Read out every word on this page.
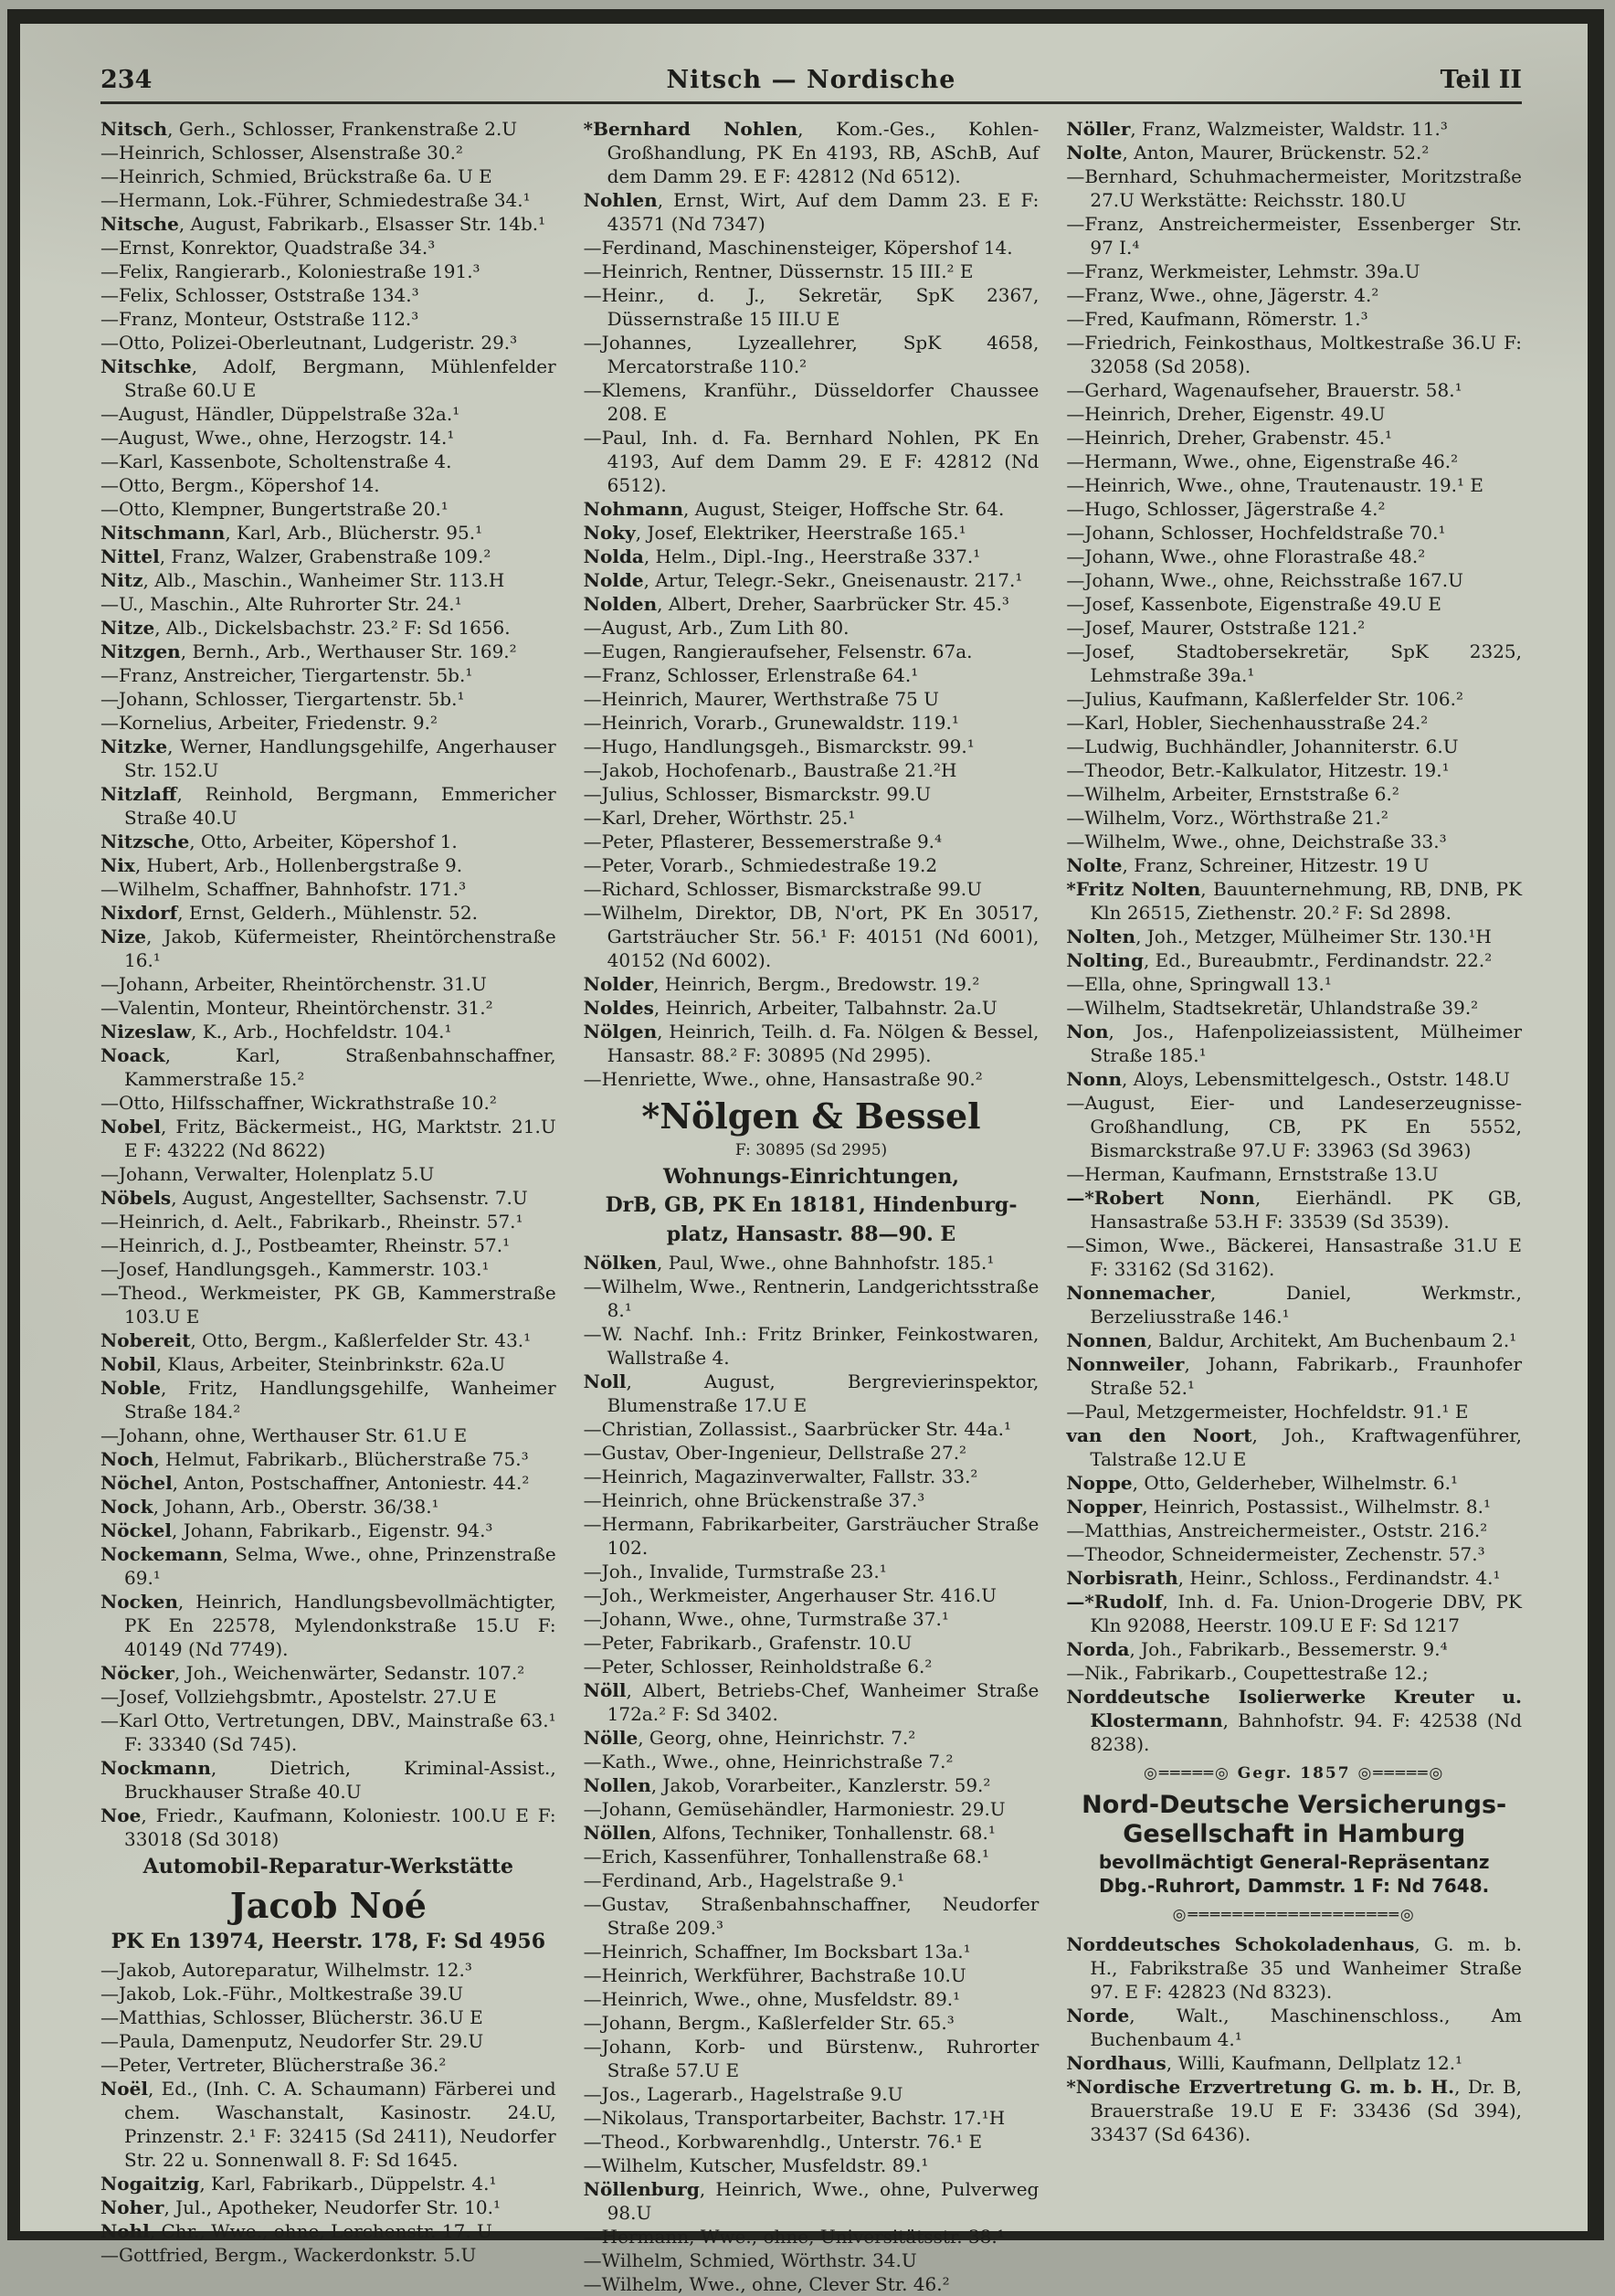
234	Nitsch — Nordische	Teil II

Nitsch, Gerh., Schlosser, Frankenstraße 2.U

—Heinrich, Schlosser, Alsenstraße 30.²

—Heinrich, Schmied, Brückstraße 6a. U E

—Hermann, Lok.-Führer, Schmiedestraße 34.¹

Nitsche, August, Fabrikarb., Elsasser Str. 14b.¹

—Ernst, Konrektor, Quadstraße 34.³

—Felix, Rangierarb., Koloniestraße 191.³

—Felix, Schlosser, Oststraße 134.³

—Franz, Monteur, Oststraße 112.³

—Otto, Polizei-Oberleutnant, Ludgeristr. 29.³

Nitschke, Adolf, Bergmann, Mühlenfelder Straße 60.U E

—August, Händler, Düppelstraße 32a.¹

—August, Wwe., ohne, Herzogstr. 14.¹

—Karl, Kassenbote, Scholtenstraße 4.

—Otto, Bergm., Köpershof 14.

—Otto, Klempner, Bungertstraße 20.¹

Nitschmann, Karl, Arb., Blücherstr. 95.¹

Nittel, Franz, Walzer, Grabenstraße 109.²

Nitz, Alb., Maschin., Wanheimer Str. 113.H

—U., Maschin., Alte Ruhrorter Str. 24.¹

Nitze, Alb., Dickelsbachstr. 23.² F: Sd 1656.

Nitzgen, Bernh., Arb., Werthauser Str. 169.²

—Franz, Anstreicher, Tiergartenstr. 5b.¹

—Johann, Schlosser, Tiergartenstr. 5b.¹

—Kornelius, Arbeiter, Friedenstr. 9.²

Nitzke, Werner, Handlungsgehilfe, Angerhauser Str. 152.U

Nitzlaff, Reinhold, Bergmann, Emmericher Straße 40.U

Nitzsche, Otto, Arbeiter, Köpershof 1.

Nix, Hubert, Arb., Hollenbergstraße 9.

—Wilhelm, Schaffner, Bahnhofstr. 171.³

Nixdorf, Ernst, Gelderh., Mühlenstr. 52.

Nize, Jakob, Küfermeister, Rheintörchenstraße 16.¹

—Johann, Arbeiter, Rheintörchenstr. 31.U

—Valentin, Monteur, Rheintörchenstr. 31.²

Nizeslaw, K., Arb., Hochfeldstr. 104.¹

Noack, Karl, Straßenbahnschaffner, Kammerstraße 15.²

—Otto, Hilfsschaffner, Wickrathstraße 10.²

Nobel, Fritz, Bäckermeist., HG, Marktstr. 21.U E F: 43222 (Nd 8622)

—Johann, Verwalter, Holenplatz 5.U

Nöbels, August, Angestellter, Sachsenstr. 7.U

—Heinrich, d. Aelt., Fabrikarb., Rheinstr. 57.¹

—Heinrich, d. J., Postbeamter, Rheinstr. 57.¹

—Josef, Handlungsgeh., Kammerstr. 103.¹

—Theod., Werkmeister, PK GB, Kammerstraße 103.U E

Nobereit, Otto, Bergm., Kaßlerfelder Str. 43.¹

Nobil, Klaus, Arbeiter, Steinbrinkstr. 62a.U

Noble, Fritz, Handlungsgehilfe, Wanheimer Straße 184.²

—Johann, ohne, Werthauser Str. 61.U E

Noch, Helmut, Fabrikarb., Blücherstraße 75.³

Nöchel, Anton, Postschaffner, Antoniestr. 44.²

Nock, Johann, Arb., Oberstr. 36/38.¹

Nöckel, Johann, Fabrikarb., Eigenstr. 94.³

Nockemann, Selma, Wwe., ohne, Prinzenstraße 69.¹

Nocken, Heinrich, Handlungsbevollmächtigter, PK En 22578, Mylendonkstraße 15.U F: 40149 (Nd 7749).

Nöcker, Joh., Weichenwärter, Sedanstr. 107.²

—Josef, Vollziehgsbmtr., Apostelstr. 27.U E

—Karl Otto, Vertretungen, DBV., Mainstraße 63.¹ F: 33340 (Sd 745).

Nockmann, Dietrich, Kriminal-Assist., Bruckhauser Straße 40.U

Noe, Friedr., Kaufmann, Koloniestr. 100.U E F: 33018 (Sd 3018)

Automobil-Reparatur-Werkstätte

Jacob Noé

PK En 13974, Heerstr. 178, F: Sd 4956

—Jakob, Autoreparatur, Wilhelmstr. 12.³

—Jakob, Lok.-Führ., Moltkestraße 39.U

—Matthias, Schlosser, Blücherstr. 36.U E

—Paula, Damenputz, Neudorfer Str. 29.U

—Peter, Vertreter, Blücherstraße 36.²

Noël, Ed., (Inh. C. A. Schaumann) Färberei und chem. Waschanstalt, Kasinostr. 24.U, Prinzenstr. 2.¹ F: 32415 (Sd 2411), Neudorfer Str. 22 u. Sonnenwall 8. F: Sd 1645.

Nogaitzig, Karl, Fabrikarb., Düppelstr. 4.¹

Noher, Jul., Apotheker, Neudorfer Str. 10.¹

Nohl, Chr., Wwe., ohne, Lerchenstr. 17. U

—Gottfried, Bergm., Wackerdonkstr. 5.U

*Bernhard Nohlen, Kom.-Ges., Kohlen-Großhandlung, PK En 4193, RB, ASchB, Auf dem Damm 29. E F: 42812 (Nd 6512).

Nohlen, Ernst, Wirt, Auf dem Damm 23. E F: 43571 (Nd 7347)

—Ferdinand, Maschinensteiger, Köpershof 14.

—Heinrich, Rentner, Düssernstr. 15 III.² E

—Heinr., d. J., Sekretär, SpK 2367, Düssernstraße 15 III.U E

—Johannes, Lyzeallehrer, SpK 4658, Mercatorstraße 110.²

—Klemens, Kranführ., Düsseldorfer Chaussee 208. E

—Paul, Inh. d. Fa. Bernhard Nohlen, PK En 4193, Auf dem Damm 29. E F: 42812 (Nd 6512).

Nohmann, August, Steiger, Hoffsche Str. 64.

Noky, Josef, Elektriker, Heerstraße 165.¹

Nolda, Helm., Dipl.-Ing., Heerstraße 337.¹

Nolde, Artur, Telegr.-Sekr., Gneisenaustr. 217.¹

Nolden, Albert, Dreher, Saarbrücker Str. 45.³

—August, Arb., Zum Lith 80.

—Eugen, Rangieraufseher, Felsenstr. 67a.

—Franz, Schlosser, Erlenstraße 64.¹

—Heinrich, Maurer, Werthstraße 75 U

—Heinrich, Vorarb., Grunewaldstr. 119.¹

—Hugo, Handlungsgeh., Bismarckstr. 99.¹

—Jakob, Hochofenarb., Baustraße 21.²H

—Julius, Schlosser, Bismarckstr. 99.U

—Karl, Dreher, Wörthstr. 25.¹

—Peter, Pflasterer, Bessemerstraße 9.⁴

—Peter, Vorarb., Schmiedestraße 19.2

—Richard, Schlosser, Bismarckstraße 99.U

—Wilhelm, Direktor, DB, N'ort, PK En 30517, Gartsträucher Str. 56.¹ F: 40151 (Nd 6001), 40152 (Nd 6002).

Nolder, Heinrich, Bergm., Bredowstr. 19.²

Noldes, Heinrich, Arbeiter, Talbahnstr. 2a.U

Nölgen, Heinrich, Teilh. d. Fa. Nölgen & Bessel, Hansastr. 88.² F: 30895 (Nd 2995).

—Henriette, Wwe., ohne, Hansastraße 90.²

*Nölgen & Bessel

F: 30895 (Sd 2995)

Wohnungs-Einrichtungen,

DrB, GB, PK En 18181, Hindenburg-

platz, Hansastr. 88—90. E

Nölken, Paul, Wwe., ohne Bahnhofstr. 185.¹

—Wilhelm, Wwe., Rentnerin, Landgerichtsstraße 8.¹

—W. Nachf. Inh.: Fritz Brinker, Feinkostwaren, Wallstraße 4.

Noll, August, Bergrevierinspektor, Blumenstraße 17.U E

—Christian, Zollassist., Saarbrücker Str. 44a.¹

—Gustav, Ober-Ingenieur, Dellstraße 27.²

—Heinrich, Magazinverwalter, Fallstr. 33.²

—Heinrich, ohne Brückenstraße 37.³

—Hermann, Fabrikarbeiter, Garsträucher Straße 102.

—Joh., Invalide, Turmstraße 23.¹

—Joh., Werkmeister, Angerhauser Str. 416.U

—Johann, Wwe., ohne, Turmstraße 37.¹

—Peter, Fabrikarb., Grafenstr. 10.U

—Peter, Schlosser, Reinholdstraße 6.²

Nöll, Albert, Betriebs-Chef, Wanheimer Straße 172a.² F: Sd 3402.

Nölle, Georg, ohne, Heinrichstr. 7.²

—Kath., Wwe., ohne, Heinrichstraße 7.²

Nollen, Jakob, Vorarbeiter., Kanzlerstr. 59.²

—Johann, Gemüsehändler, Harmoniestr. 29.U

Nöllen, Alfons, Techniker, Tonhallenstr. 68.¹

—Erich, Kassenführer, Tonhallenstraße 68.¹

—Ferdinand, Arb., Hagelstraße 9.¹

—Gustav, Straßenbahnschaffner, Neudorfer Straße 209.³

—Heinrich, Schaffner, Im Bocksbart 13a.¹

—Heinrich, Werkführer, Bachstraße 10.U

—Heinrich, Wwe., ohne, Musfeldstr. 89.¹

—Johann, Bergm., Kaßlerfelder Str. 65.³

—Johann, Korb- und Bürstenw., Ruhrorter Straße 57.U E

—Jos., Lagerarb., Hagelstraße 9.U

—Nikolaus, Transportarbeiter, Bachstr. 17.¹H

—Theod., Korbwarenhdlg., Unterstr. 76.¹ E

—Wilhelm, Kutscher, Musfeldstr. 89.¹

Nöllenburg, Heinrich, Wwe., ohne, Pulverweg 98.U

—Hermann, Wwe., ohne, Universitätsstr. 38.¹

—Wilhelm, Schmied, Wörthstr. 34.U

—Wilhelm, Wwe., ohne, Clever Str. 46.²

Nöller, Franz, Walzmeister, Waldstr. 11.³

Nolte, Anton, Maurer, Brückenstr. 52.²

—Bernhard, Schuhmachermeister, Moritzstraße 27.U Werkstätte: Reichsstr. 180.U

—Franz, Anstreichermeister, Essenberger Str. 97 I.⁴

—Franz, Werkmeister, Lehmstr. 39a.U

—Franz, Wwe., ohne, Jägerstr. 4.²

—Fred, Kaufmann, Römerstr. 1.³

—Friedrich, Feinkosthaus, Moltkestraße 36.U F: 32058 (Sd 2058).

—Gerhard, Wagenaufseher, Brauerstr. 58.¹

—Heinrich, Dreher, Eigenstr. 49.U

—Heinrich, Dreher, Grabenstr. 45.¹

—Hermann, Wwe., ohne, Eigenstraße 46.²

—Heinrich, Wwe., ohne, Trautenaustr. 19.¹ E

—Hugo, Schlosser, Jägerstraße 4.²

—Johann, Schlosser, Hochfeldstraße 70.¹

—Johann, Wwe., ohne Florastraße 48.²

—Johann, Wwe., ohne, Reichsstraße 167.U

—Josef, Kassenbote, Eigenstraße 49.U E

—Josef, Maurer, Oststraße 121.²

—Josef, Stadtobersekretär, SpK 2325, Lehmstraße 39a.¹

—Julius, Kaufmann, Kaßlerfelder Str. 106.²

—Karl, Hobler, Siechenhausstraße 24.²

—Ludwig, Buchhändler, Johanniterstr. 6.U

—Theodor, Betr.-Kalkulator, Hitzestr. 19.¹

—Wilhelm, Arbeiter, Ernststraße 6.²

—Wilhelm, Vorz., Wörthstraße 21.²

—Wilhelm, Wwe., ohne, Deichstraße 33.³

Nolte, Franz, Schreiner, Hitzestr. 19 U

*Fritz Nolten, Bauunternehmung, RB, DNB, PK Kln 26515, Ziethenstr. 20.² F: Sd 2898.

Nolten, Joh., Metzger, Mülheimer Str. 130.¹H

Nolting, Ed., Bureaubmtr., Ferdinandstr. 22.²

—Ella, ohne, Springwall 13.¹

—Wilhelm, Stadtsekretär, Uhlandstraße 39.²

Non, Jos., Hafenpolizeiassistent, Mülheimer Straße 185.¹

Nonn, Aloys, Lebensmittelgesch., Oststr. 148.U

—August, Eier- und Landeserzeugnisse-Großhandlung, CB, PK En 5552, Bismarckstraße 97.U F: 33963 (Sd 3963)

—Herman, Kaufmann, Ernststraße 13.U

—*Robert Nonn, Eierhändl. PK GB, Hansastraße 53.H F: 33539 (Sd 3539).

—Simon, Wwe., Bäckerei, Hansastraße 31.U E F: 33162 (Sd 3162).

Nonnemacher, Daniel, Werkmstr., Berzeliusstraße 146.¹

Nonnen, Baldur, Architekt, Am Buchenbaum 2.¹

Nonnweiler, Johann, Fabrikarb., Fraunhofer Straße 52.¹

—Paul, Metzgermeister, Hochfeldstr. 91.¹ E

van den Noort, Joh., Kraftwagenführer, Talstraße 12.U E

Noppe, Otto, Gelderheber, Wilhelmstr. 6.¹

Nopper, Heinrich, Postassist., Wilhelmstr. 8.¹

—Matthias, Anstreichermeister., Oststr. 216.²

—Theodor, Schneidermeister, Zechenstr. 57.³

Norbisrath, Heinr., Schloss., Ferdinandstr. 4.¹

—*Rudolf, Inh. d. Fa. Union-Drogerie DBV, PK Kln 92088, Heerstr. 109.U E F: Sd 1217

Norda, Joh., Fabrikarb., Bessemerstr. 9.⁴

—Nik., Fabrikarb., Coupettestraße 12.;

Norddeutsche Isolierwerke Kreuter u. Klostermann, Bahnhofstr. 94. F: 42538 (Nd 8238).

◎═════◎ Gegr. 1857 ◎═════◎

Nord-Deutsche Versicherungs-

Gesellschaft in Hamburg

bevollmächtigt General-Repräsentanz

Dbg.-Ruhrort, Dammstr. 1 F: Nd 7648.

◎═══════════════════◎

Norddeutsches Schokoladenhaus, G. m. b. H., Fabrikstraße 35 und Wanheimer Straße 97. E F: 42823 (Nd 8323).

Norde, Walt., Maschinenschloss., Am Buchenbaum 4.¹

Nordhaus, Willi, Kaufmann, Dellplatz 12.¹

*Nordische Erzvertretung G. m. b. H., Dr. B, Brauerstraße 19.U E F: 33436 (Sd 394), 33437 (Sd 6436).
